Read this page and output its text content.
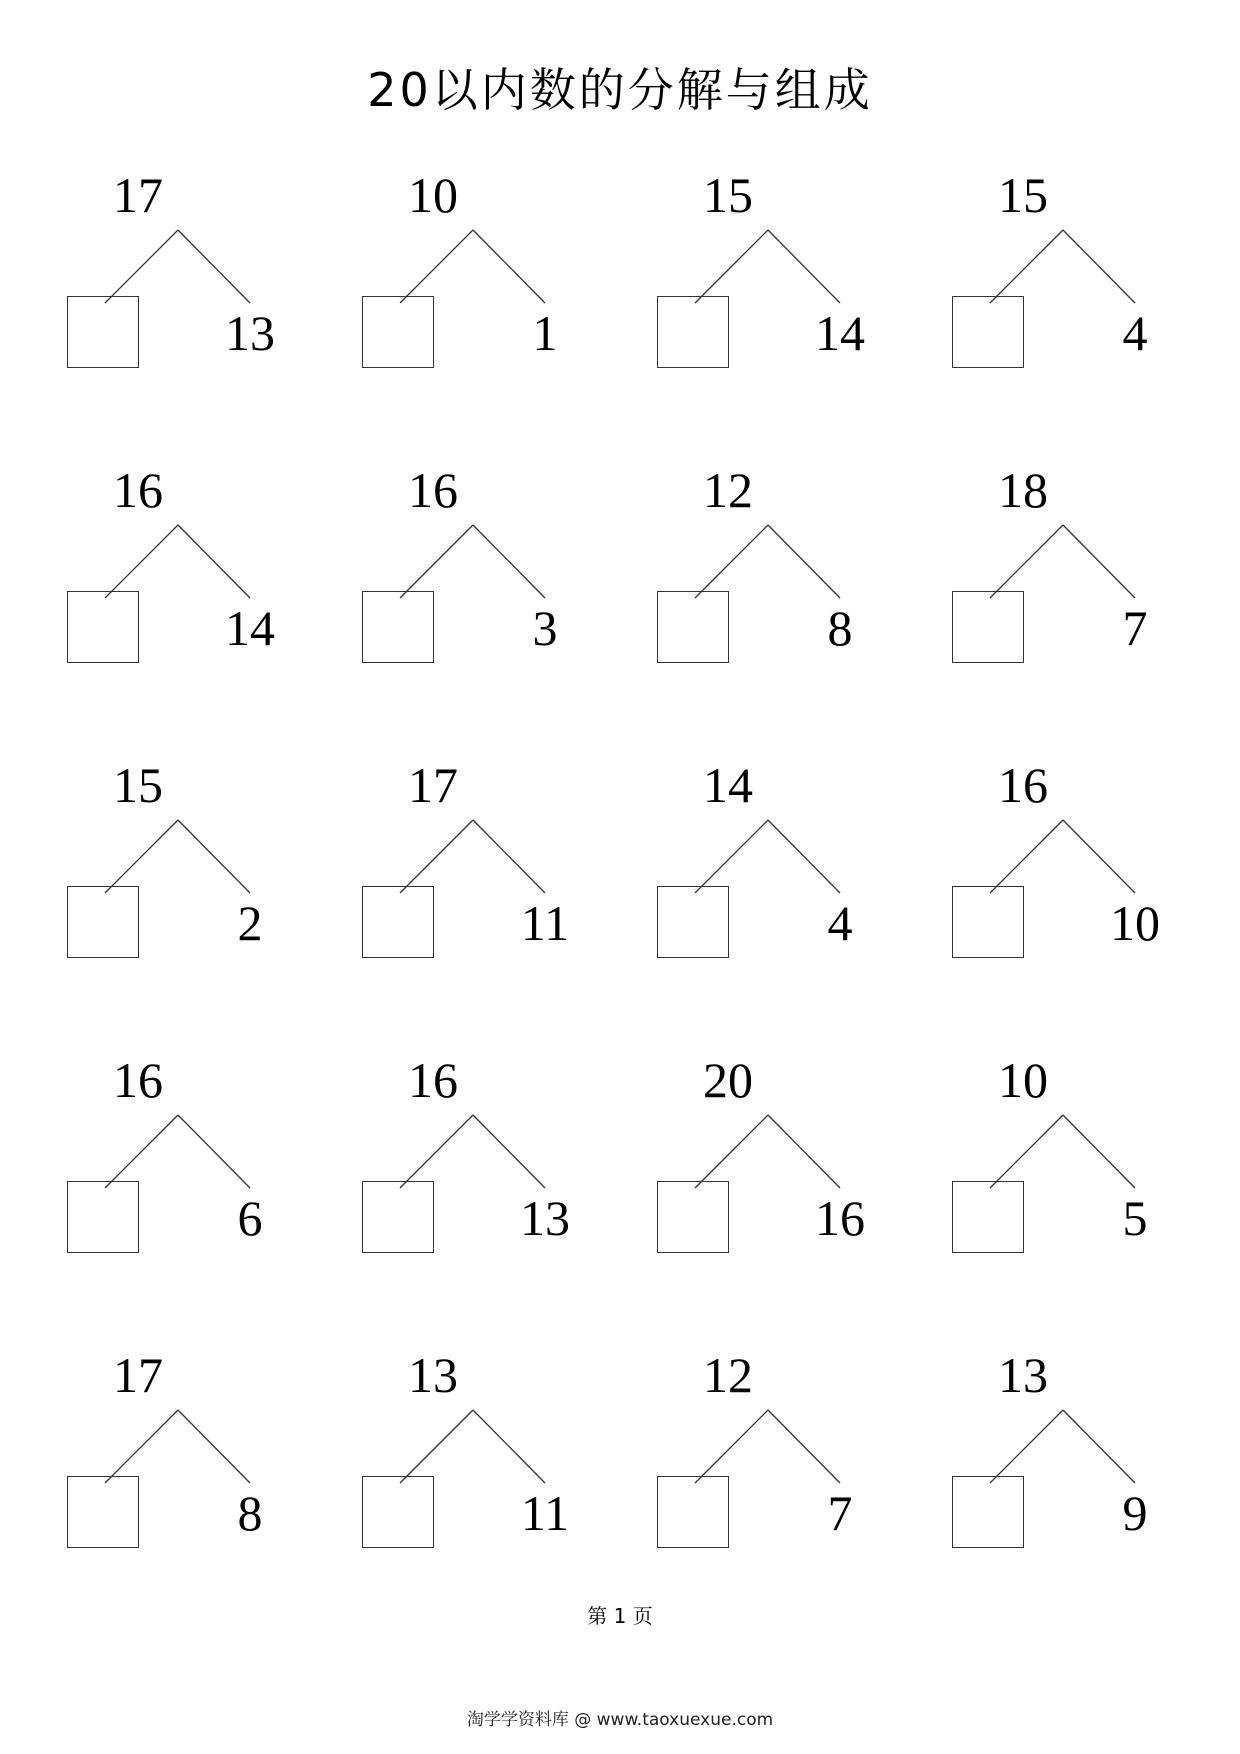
20以内数的分解与组成
17
13
10
1
15
14
15
4
16
14
16
3
12
8
18
7
15
2
17
11
14
4
16
10
16
6
16
13
20
16
10
5
17
8
13
11
12
7
13
9
第 1 页
淘学学资料库 @ www.taoxuexue.com
